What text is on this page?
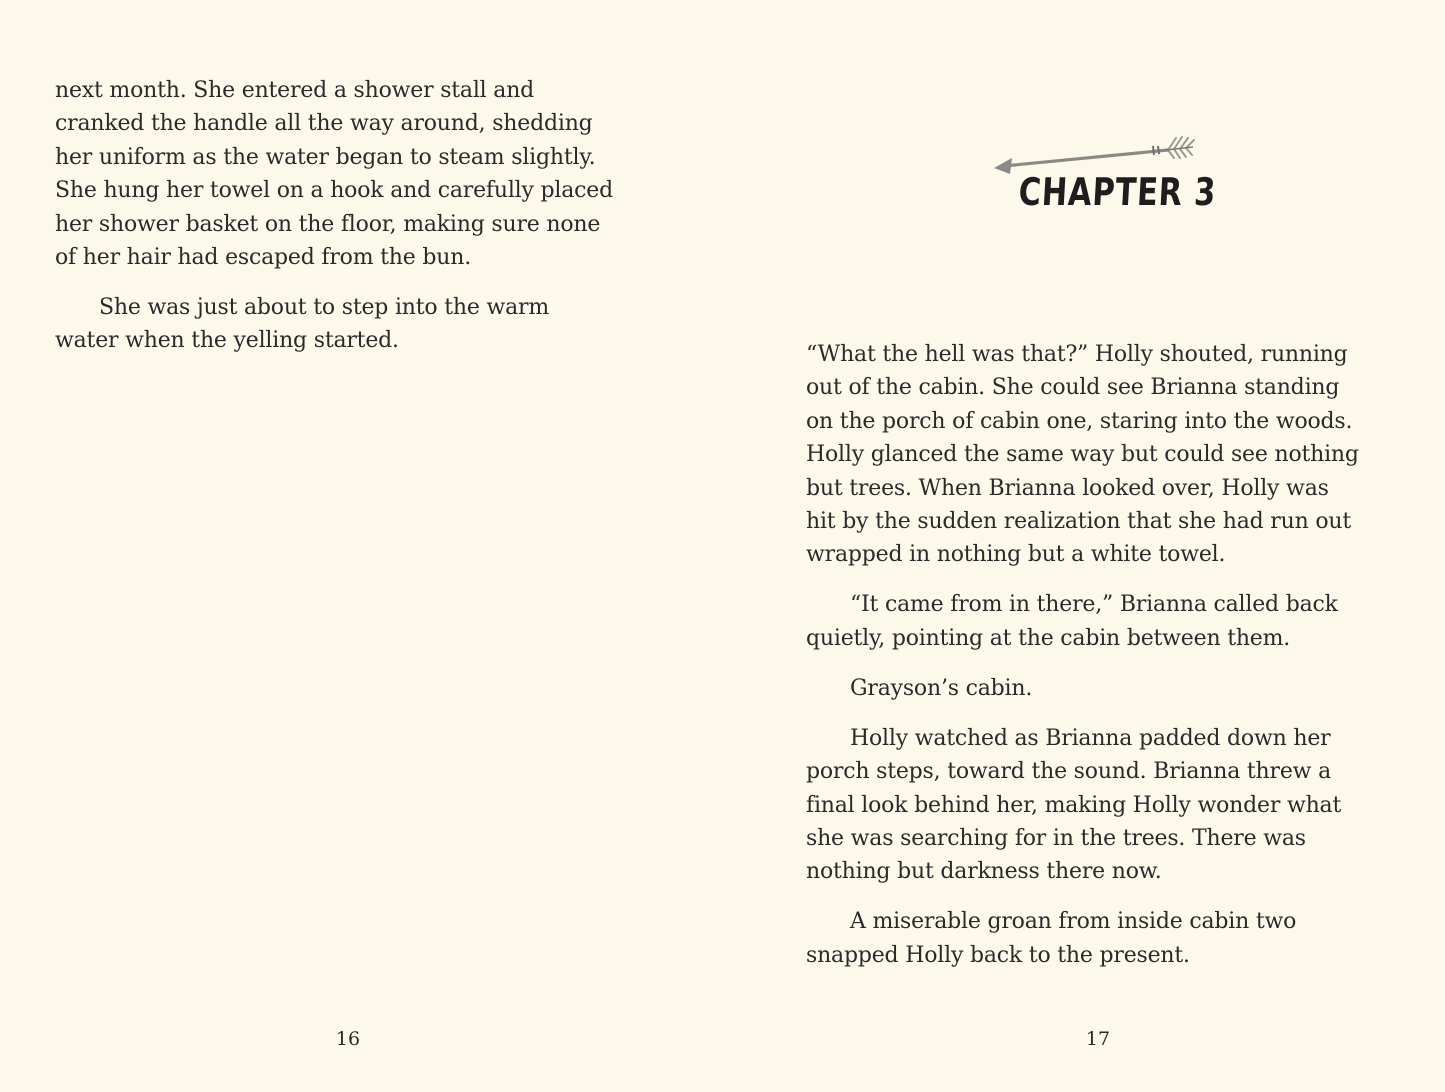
next month. She entered a shower stall and
cranked the handle all the way around, shedding
her uniform as the water began to steam slightly.
She hung her towel on a hook and carefully placed
her shower basket on the floor, making sure none
of her hair had escaped from the bun.
She was just about to step into the warm
water when the yelling started.
16
CHAPTER 3
“What the hell was that?” Holly shouted, running
out of the cabin. She could see Brianna standing
on the porch of cabin one, staring into the woods.
Holly glanced the same way but could see nothing
but trees. When Brianna looked over, Holly was
hit by the sudden realization that she had run out
wrapped in nothing but a white towel.
“It came from in there,” Brianna called back
quietly, pointing at the cabin between them.
Grayson’s cabin.
Holly watched as Brianna padded down her
porch steps, toward the sound. Brianna threw a
final look behind her, making Holly wonder what
she was searching for in the trees. There was
nothing but darkness there now.
A miserable groan from inside cabin two
snapped Holly back to the present.
17
